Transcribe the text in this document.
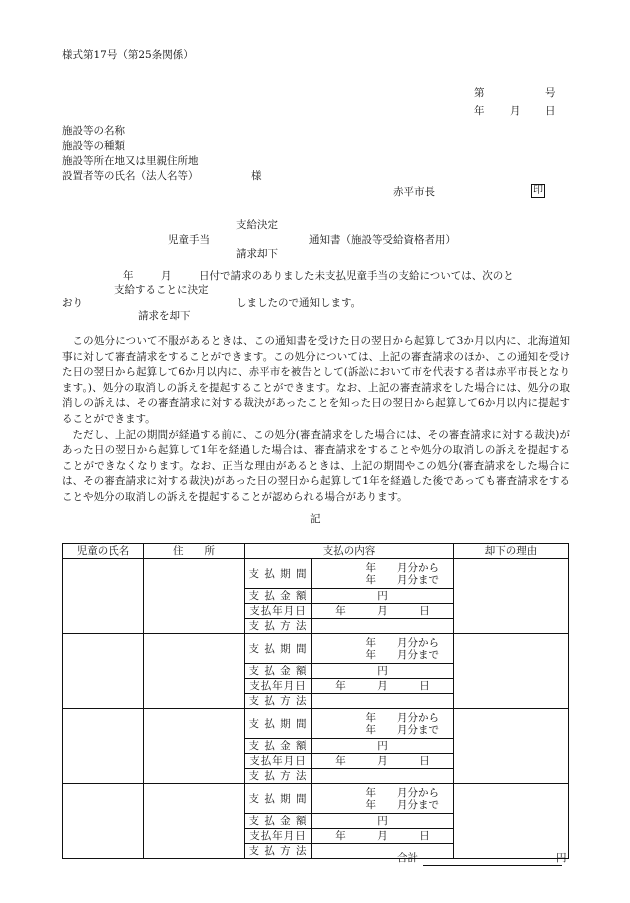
様式第17号（第25条関係）
第	号
年 月 日
施設等の名称
施設等の種類
施設等所在地又は里親住所地
設置者等の氏名（法人名等）	様
赤平市長	印
支給決定
児童手当	通知書（施設等受給資格者用）
請求却下
年	月	日付で請求のありました未支払児童手当の支給については、次のと
支給することに決定
おり	しましたので通知します。
請求を却下

この処分について不服があるときは、この通知書を受けた日の翌日から起算して3か月以内に、北海道知事に対して審査請求をすることができます。この処分については、上記の審査請求のほか、この通知を受けた日の翌日から起算して6か月以内に、赤平市を被告として(訴訟において市を代表する者は赤平市長となります。)、処分の取消しの訴えを提起することができます。なお、上記の審査請求をした場合には、処分の取消しの訴えは、その審査請求に対する裁決があったことを知った日の翌日から起算して6か月以内に提起することができます。

ただし、上記の期間が経過する前に、この処分(審査請求をした場合には、その審査請求に対する裁決)があった日の翌日から起算して1年を経過した場合は、審査請求をすることや処分の取消しの訴えを提起することができなくなります。なお、正当な理由があるときは、上記の期間やこの処分(審査請求をした場合には、その審査請求に対する裁決)があった日の翌日から起算して1年を経過した後であっても審査請求をすることや処分の取消しの訴えを提起することが認められる場合があります。

記
児童の氏名	住　　所	支払の内容		却下の理由
		支 払 期 間	年　　月分から
年　　月分まで	

		支 払 金 額	円	
		支払年月日	年　　　月　　　日	
		支 払 方 法		
		支 払 期 間	年　　月分から
年　　月分まで	

		支 払 金 額	円	
		支払年月日	年　　　月　　　日	
		支 払 方 法		
		支 払 期 間	年　　月分から
年　　月分まで	

		支 払 金 額	円	
		支払年月日	年　　　月　　　日	
		支 払 方 法		
		支 払 期 間	年　　月分から
年　　月分まで	

		支 払 金 額	円	
		支払年月日	年　　　月　　　日	
		支 払 方 法		
合計	円
